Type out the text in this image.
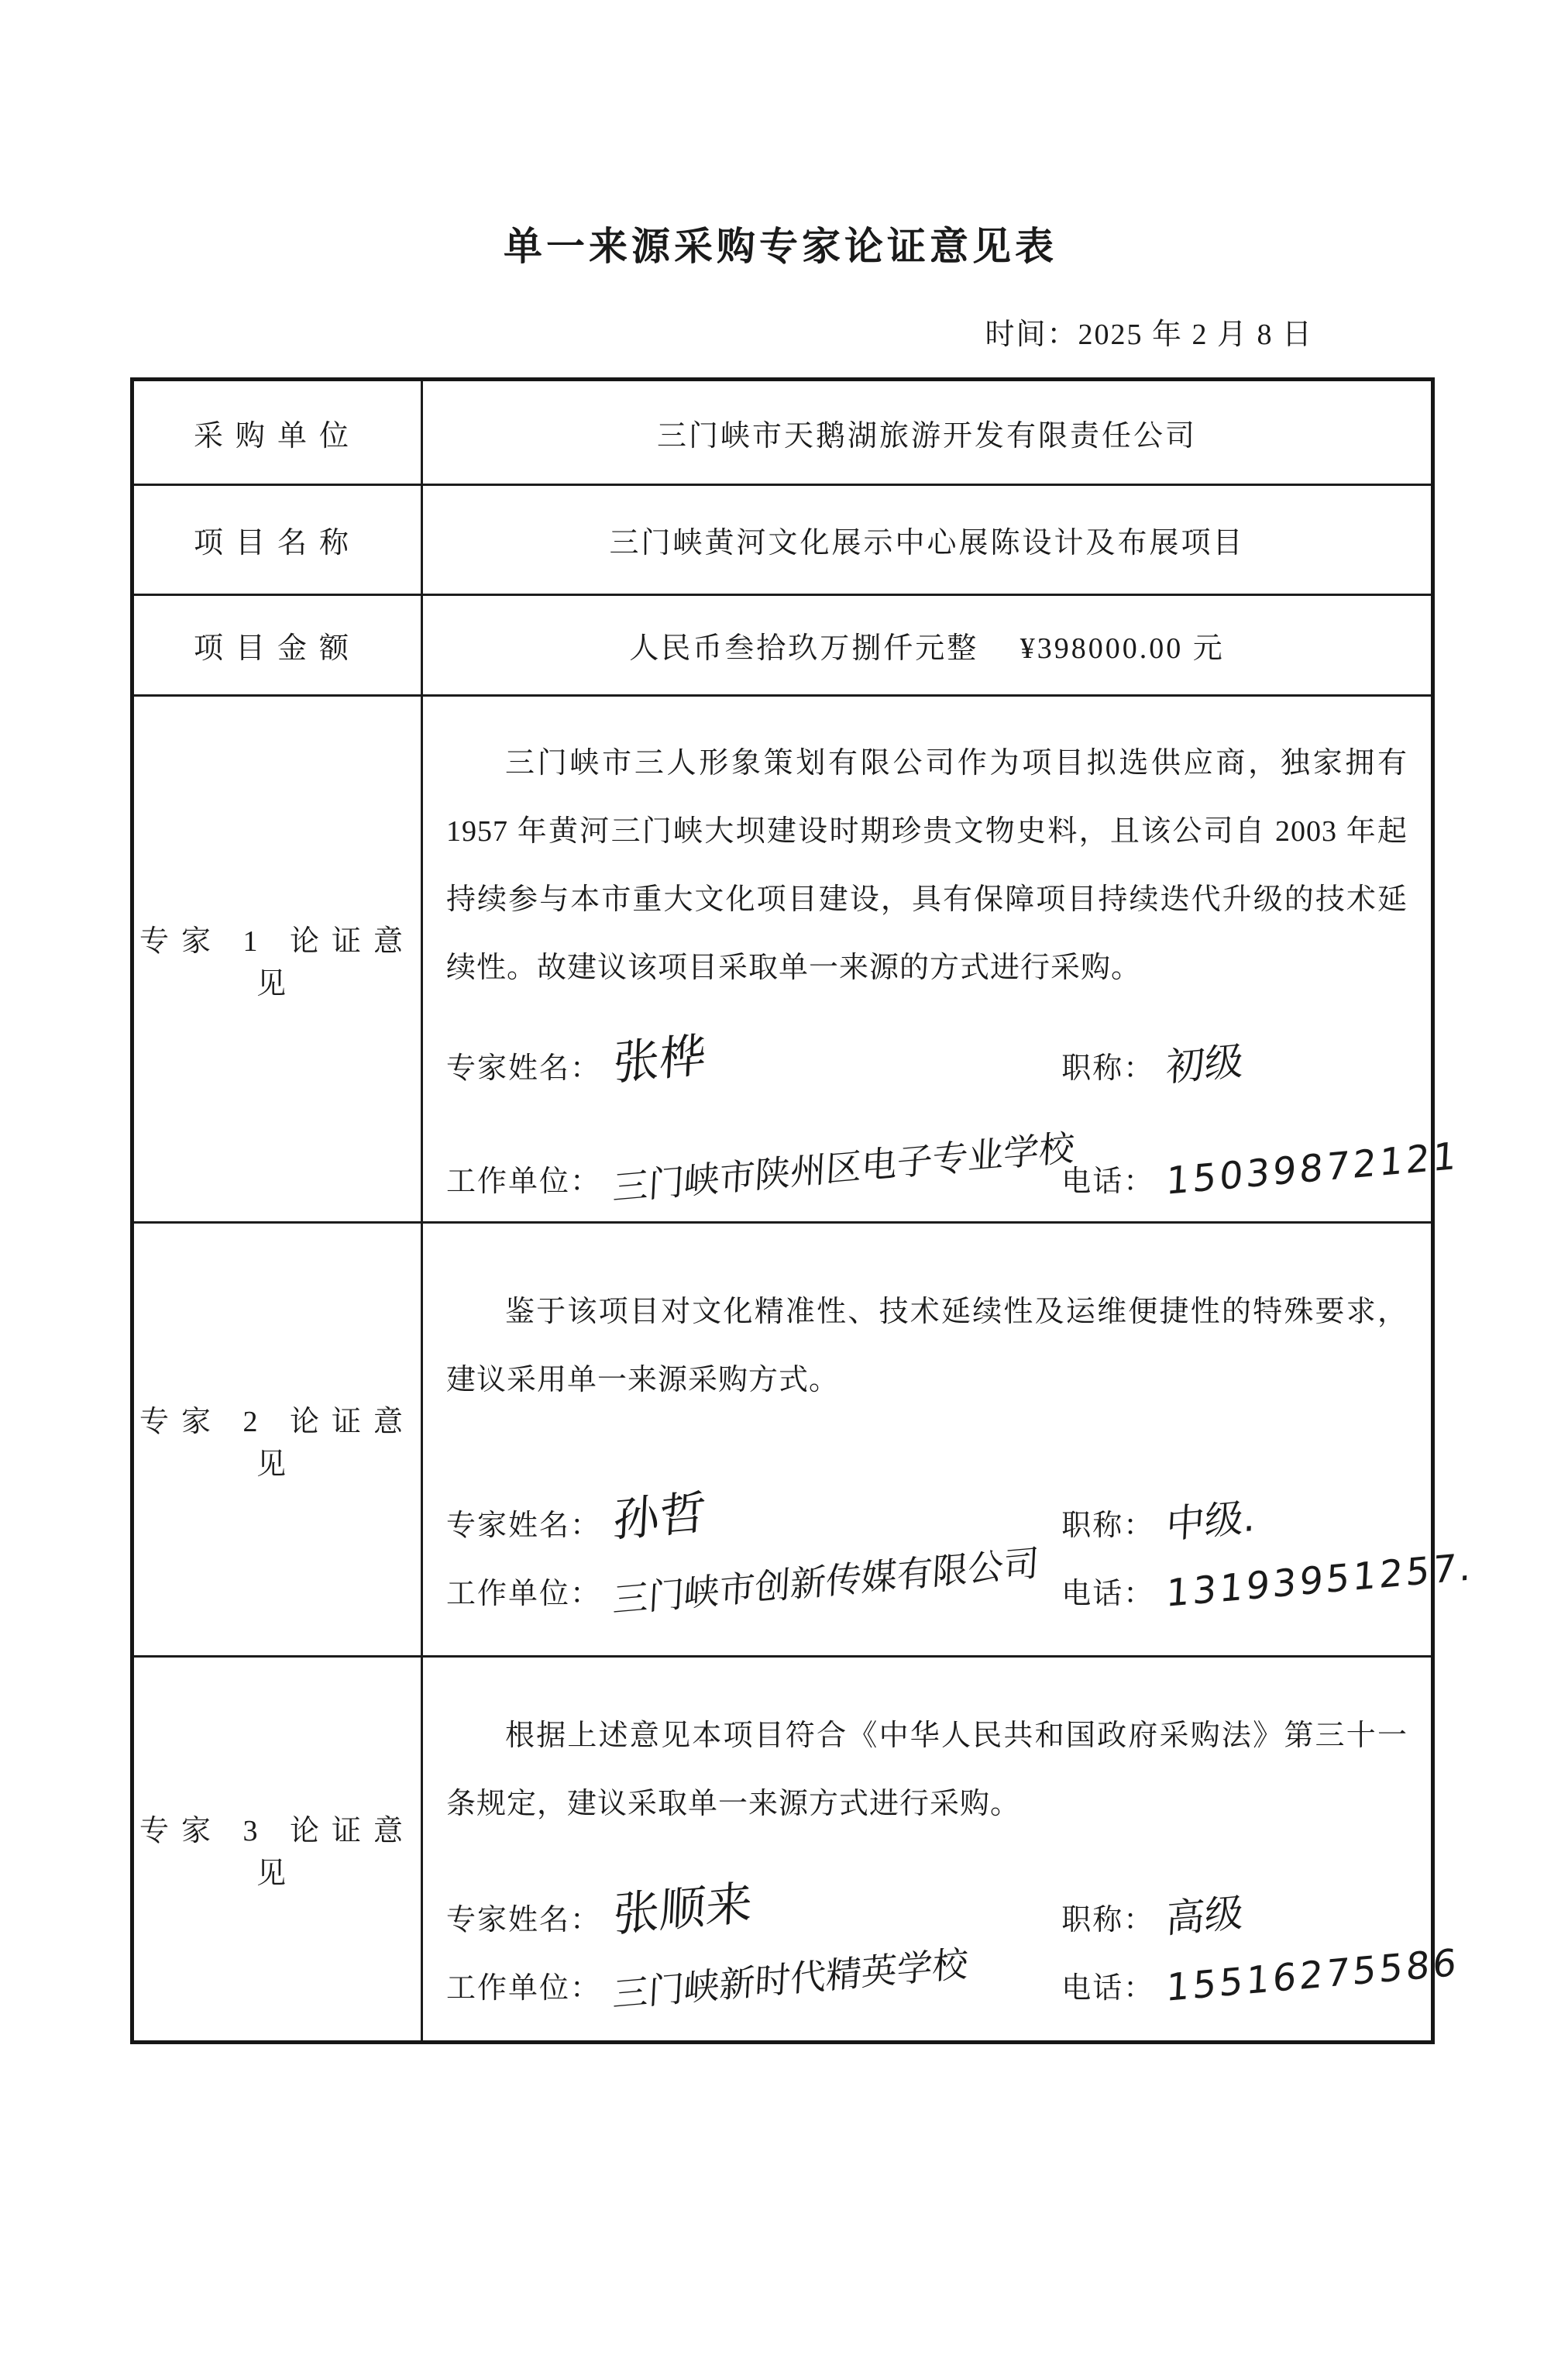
单一来源采购专家论证意见表
时间：2025 年 2 月 8 日
采购单位	三门峡市天鹅湖旅游开发有限责任公司
项目名称	三门峡黄河文化展示中心展陈设计及布展项目
项目金额	人民币叁拾玖万捌仟元整　 ¥398000.00 元
专家 1 论证意见	三门峡市三人形象策划有限公司作为项目拟选供应商，独家拥有 1957 年黄河三门峡大坝建设时期珍贵文物史料，且该公司自 2003 年起持续参与本市重大文化项目建设，具有保障项目持续迭代升级的技术延续性。故建议该项目采取单一来源的方式进行采购。
专家姓名： 张桦 职称： 初级
工作单位： 三门峡市陕州区电子专业学校
电话： 15039872121

专家 2 论证意见	鉴于该项目对文化精准性、技术延续性及运维便捷性的特殊要求，建议采用单一来源采购方式。
专家姓名： 孙哲 职称： 中级.
工作单位： 三门峡市创新传媒有限公司 电话： 13193951257.

专家 3 论证意见	根据上述意见本项目符合《中华人民共和国政府采购法》第三十一条规定，建议采取单一来源方式进行采购。
专家姓名： 张顺来 职称： 高级
工作单位： 三门峡新时代精英学校 电话： 15516275586
